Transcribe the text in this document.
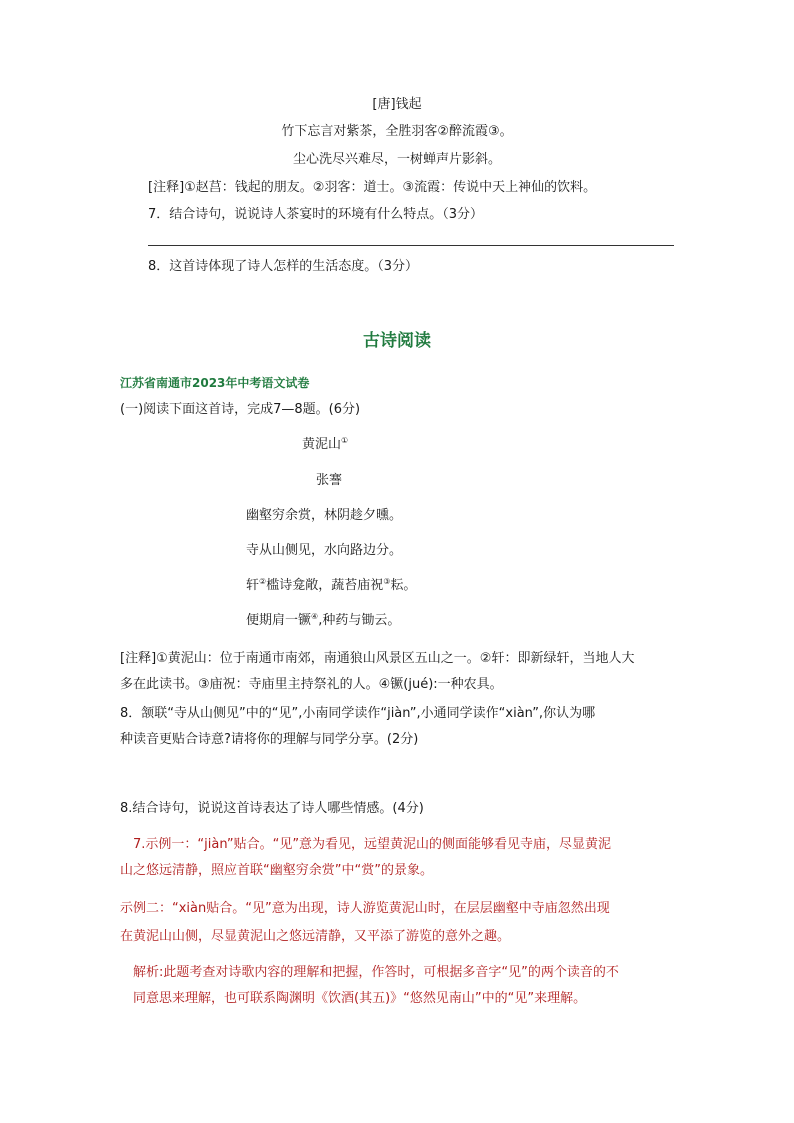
[唐]钱起
竹下忘言对紫茶，全胜羽客②醉流霞③。
尘心洗尽兴难尽，一树蝉声片影斜。
[注释]①赵莒：钱起的朋友。②羽客：道士。③流霞：传说中天上神仙的饮料。
7．结合诗句，说说诗人茶宴时的环境有什么特点。（3分）
8．这首诗体现了诗人怎样的生活态度。（3分）
古诗阅读
江苏省南通市2023年中考语文试卷
(一)阅读下面这首诗，完成7—8题。(6分)
黄泥山①
张謇
幽壑穷余赏，林阴趁夕曛。
寺从山侧见，水向路边分。
轩②槛诗龛敞，蔬苔庙祝③耘。
便期肩一镢④,种药与锄云。
[注释]①黄泥山：位于南通市南郊，南通狼山风景区五山之一。②轩：即新绿轩，当地人大
多在此读书。③庙祝：寺庙里主持祭礼的人。④镢(jué):一种农具。
8．颔联“寺从山侧见”中的“见”,小南同学读作“jiàn”,小通同学读作“xiàn”,你认为哪
种读音更贴合诗意?请将你的理解与同学分享。(2分)
8.结合诗句，说说这首诗表达了诗人哪些情感。(4分)
7.示例一：“jiàn”贴合。“见”意为看见，远望黄泥山的侧面能够看见寺庙，尽显黄泥
山之悠远清静，照应首联“幽壑穷余赏”中“赏”的景象。
示例二：“xiàn贴合。“见”意为出现，诗人游览黄泥山时，在层层幽壑中寺庙忽然出现
在黄泥山山侧，尽显黄泥山之悠远清静，又平添了游览的意外之趣。
解析:此题考查对诗歌内容的理解和把握，作答时，可根据多音字“见”的两个读音的不
同意思来理解，也可联系陶渊明《饮酒(其五)》“悠然见南山”中的“见”来理解。
